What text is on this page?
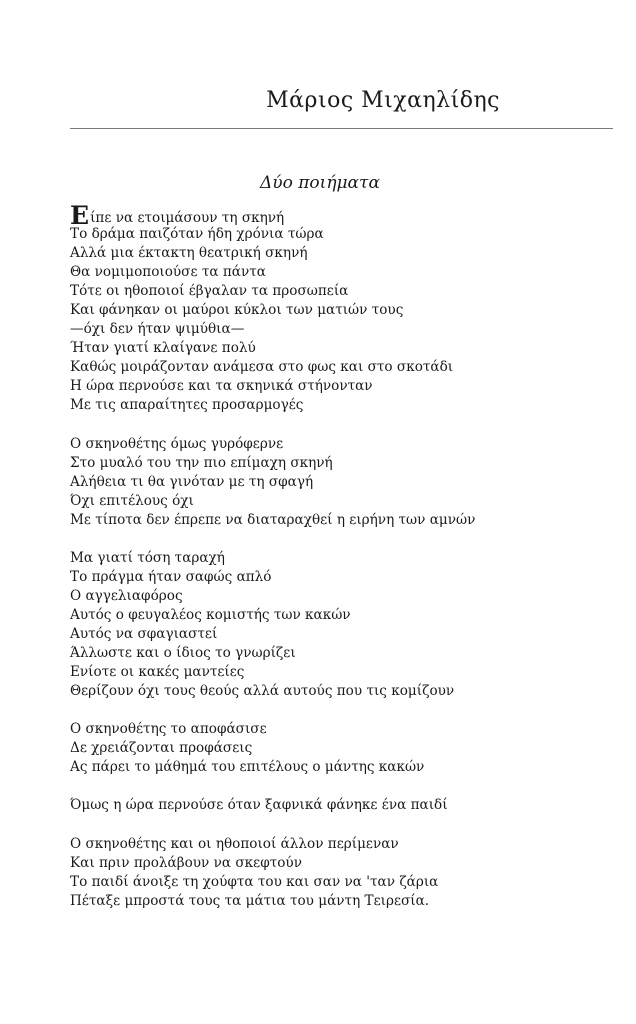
Μάριος Μιχαηλίδης
Δύο ποιήματα
Είπε να ετοιμάσουν τη σκηνή
Το δράμα παιζόταν ήδη χρόνια τώρα
Αλλά μια έκτακτη θεατρική σκηνή
Θα νομιμοποιούσε τα πάντα
Τότε οι ηθοποιοί έβγαλαν τα προσωπεία
Και φάνηκαν οι μαύροι κύκλοι των ματιών τους
—όχι δεν ήταν ψιμύθια—
Ήταν γιατί κλαίγανε πολύ
Καθώς μοιράζονταν ανάμεσα στο φως και στο σκοτάδι
Η ώρα περνούσε και τα σκηνικά στήνονταν
Με τις απαραίτητες προσαρμογές
Ο σκηνοθέτης όμως γυρόφερνε
Στο μυαλό του την πιο επίμαχη σκηνή
Αλήθεια τι θα γινόταν με τη σφαγή
Όχι επιτέλους όχι
Με τίποτα δεν έπρεπε να διαταραχθεί η ειρήνη των αμνών
Μα γιατί τόση ταραχή
Το πράγμα ήταν σαφώς απλό
Ο αγγελιαφόρος
Αυτός ο φευγαλέος κομιστής των κακών
Αυτός να σφαγιαστεί
Άλλωστε και ο ίδιος το γνωρίζει
Ενίοτε οι κακές μαντείες
Θερίζουν όχι τους θεούς αλλά αυτούς που τις κομίζουν
Ο σκηνοθέτης το αποφάσισε
Δε χρειάζονται προφάσεις
Ας πάρει το μάθημά του επιτέλους ο μάντης κακών
Όμως η ώρα περνούσε όταν ξαφνικά φάνηκε ένα παιδί
Ο σκηνοθέτης και οι ηθοποιοί άλλον περίμεναν
Και πριν προλάβουν να σκεφτούν
Το παιδί άνοιξε τη χούφτα του και σαν να 'ταν ζάρια
Πέταξε μπροστά τους τα μάτια του μάντη Τειρεσία.
